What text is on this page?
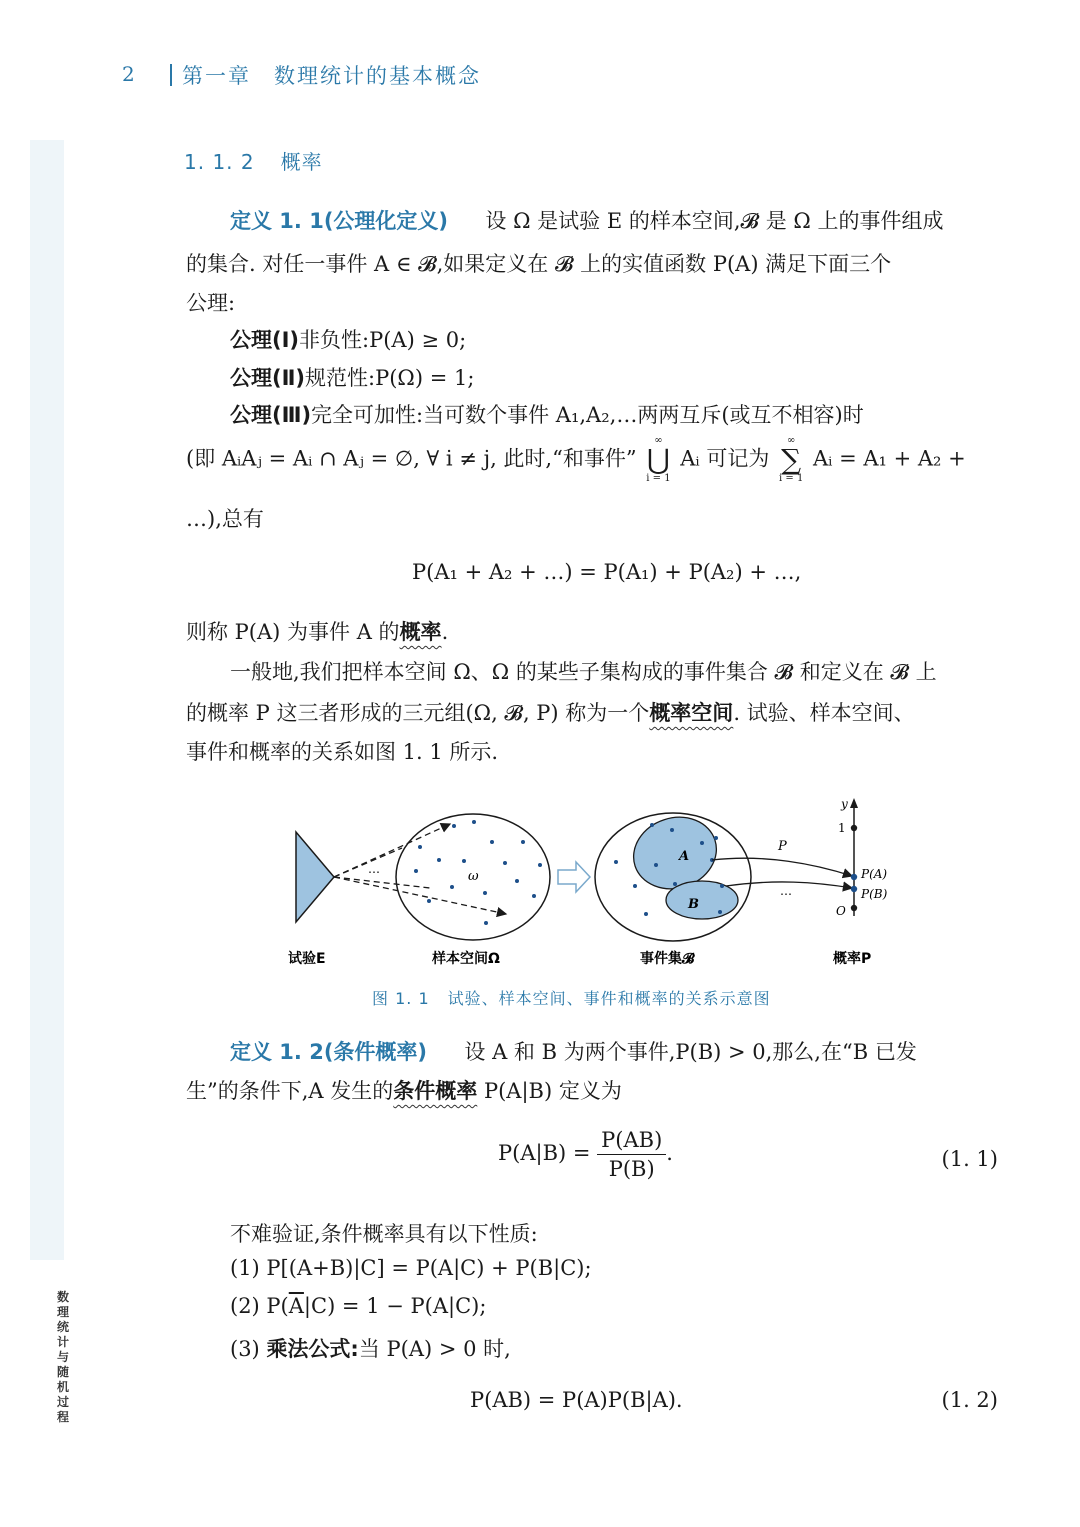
数
理
统
计
与
随
机
过
程
2 第一章　数理统计的基本概念
1. 1. 2 概率
定义 1. 1(公理化定义) 设 Ω 是试验 E 的样本空间,𝓑 是 Ω 上的事件组成
的集合. 对任一事件 A ∈ 𝓑,如果定义在 𝓑 上的实值函数 P(A) 满足下面三个
公理:
公理(Ⅰ)非负性:P(A) ≥ 0;
公理(Ⅱ)规范性:P(Ω) = 1;
公理(Ⅲ)完全可加性:当可数个事件 A₁,A₂,…两两互斥(或互不相容)时
(即 AᵢAⱼ = Aᵢ ∩ Aⱼ = ∅, ∀ i ≠ j, 此时,“和事件”
∞
⋃
i = 1
Aᵢ 可记为
∞
∑
i = 1
Aᵢ = A₁ + A₂ +
…),总有
P(A₁ + A₂ + …) = P(A₁) + P(A₂) + …,
则称 P(A) 为事件 A 的概率.
一般地,我们把样本空间 Ω、Ω 的某些子集构成的事件集合 𝓑 和定义在 𝓑 上
的概率 P 这三者形成的三元组(Ω, 𝓑, P) 称为一个概率空间. 试验、样本空间、
事件和概率的关系如图 1. 1 所示.
定义 1. 2(条件概率) 设 A 和 B 为两个事件,P(B) > 0,那么,在“B 已发
生”的条件下,A 发生的条件概率 P(A|B) 定义为
$P(A|B) = \frac{P(AB)}{P(B)}$ .	(1. 1)
不难验证,条件概率具有以下性质:
(1) P[(A+B)|C] = P(A|C) + P(B|C);
(2) $P(\overline{A}|C) = 1 - P(A|C)$;
(3) 乘法公式:当 P(A) > 0 时,
P(AB) = P(A)P(B|A).	(1. 2)
…	ω
A
B
P
…
y
1
P(A)
P(B)
O
试验E	样本空间Ω	事件集𝓑	概率P
图 1. 1 试验、样本空间、事件和概率的关系示意图
